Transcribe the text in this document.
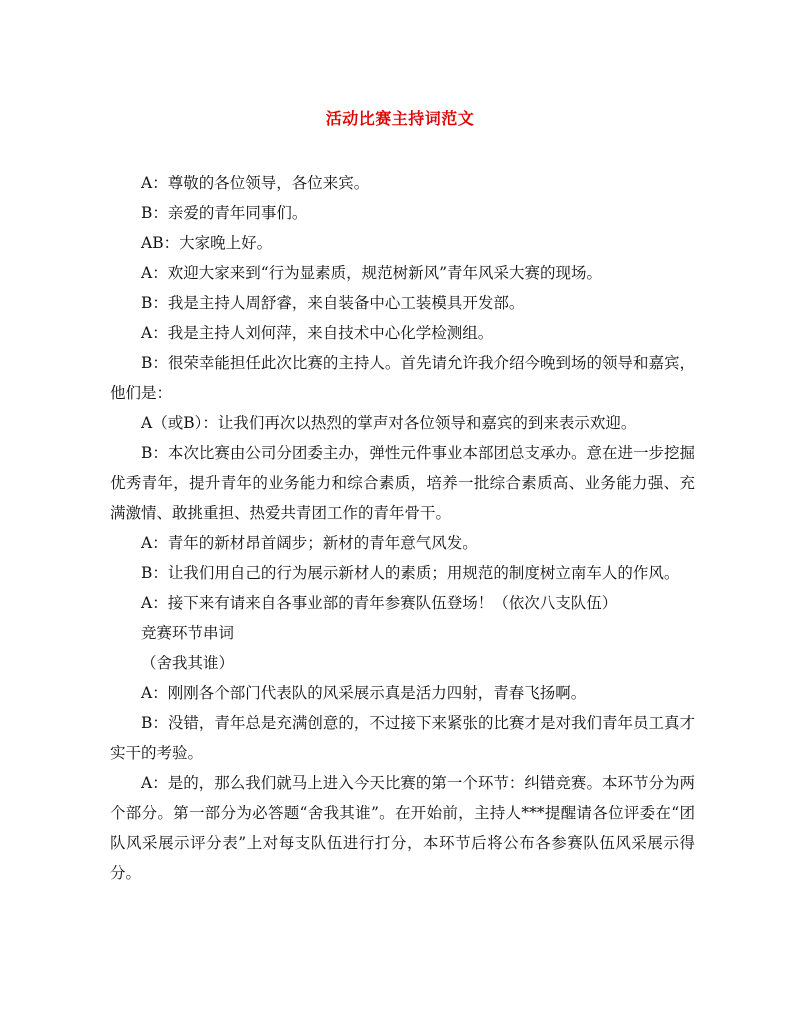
活动比赛主持词范文

A：尊敬的各位领导，各位来宾。

B：亲爱的青年同事们。

AB：大家晚上好。

A：欢迎大家来到“行为显素质，规范树新风”青年风采大赛的现场。

B：我是主持人周舒睿，来自装备中心工装模具开发部。

A：我是主持人刘何萍，来自技术中心化学检测组。

B：很荣幸能担任此次比赛的主持人。首先请允许我介绍今晚到场的领导和嘉宾，他们是：

A（或B）：让我们再次以热烈的掌声对各位领导和嘉宾的到来表示欢迎。

B：本次比赛由公司分团委主办，弹性元件事业本部团总支承办。意在进一步挖掘优秀青年，提升青年的业务能力和综合素质，培养一批综合素质高、业务能力强、充满激情、敢挑重担、热爱共青团工作的青年骨干。

A：青年的新材昂首阔步；新材的青年意气风发。

B：让我们用自己的行为展示新材人的素质；用规范的制度树立南车人的作风。

A：接下来有请来自各事业部的青年参赛队伍登场！（依次八支队伍）

竞赛环节串词

（舍我其谁）

A：刚刚各个部门代表队的风采展示真是活力四射，青春飞扬啊。

B：没错，青年总是充满创意的，不过接下来紧张的比赛才是对我们青年员工真才实干的考验。

A：是的，那么我们就马上进入今天比赛的第一个环节：纠错竞赛。本环节分为两个部分。第一部分为必答题“舍我其谁”。在开始前，主持人***提醒请各位评委在“团队风采展示评分表”上对每支队伍进行打分，本环节后将公布各参赛队伍风采展示得分。
